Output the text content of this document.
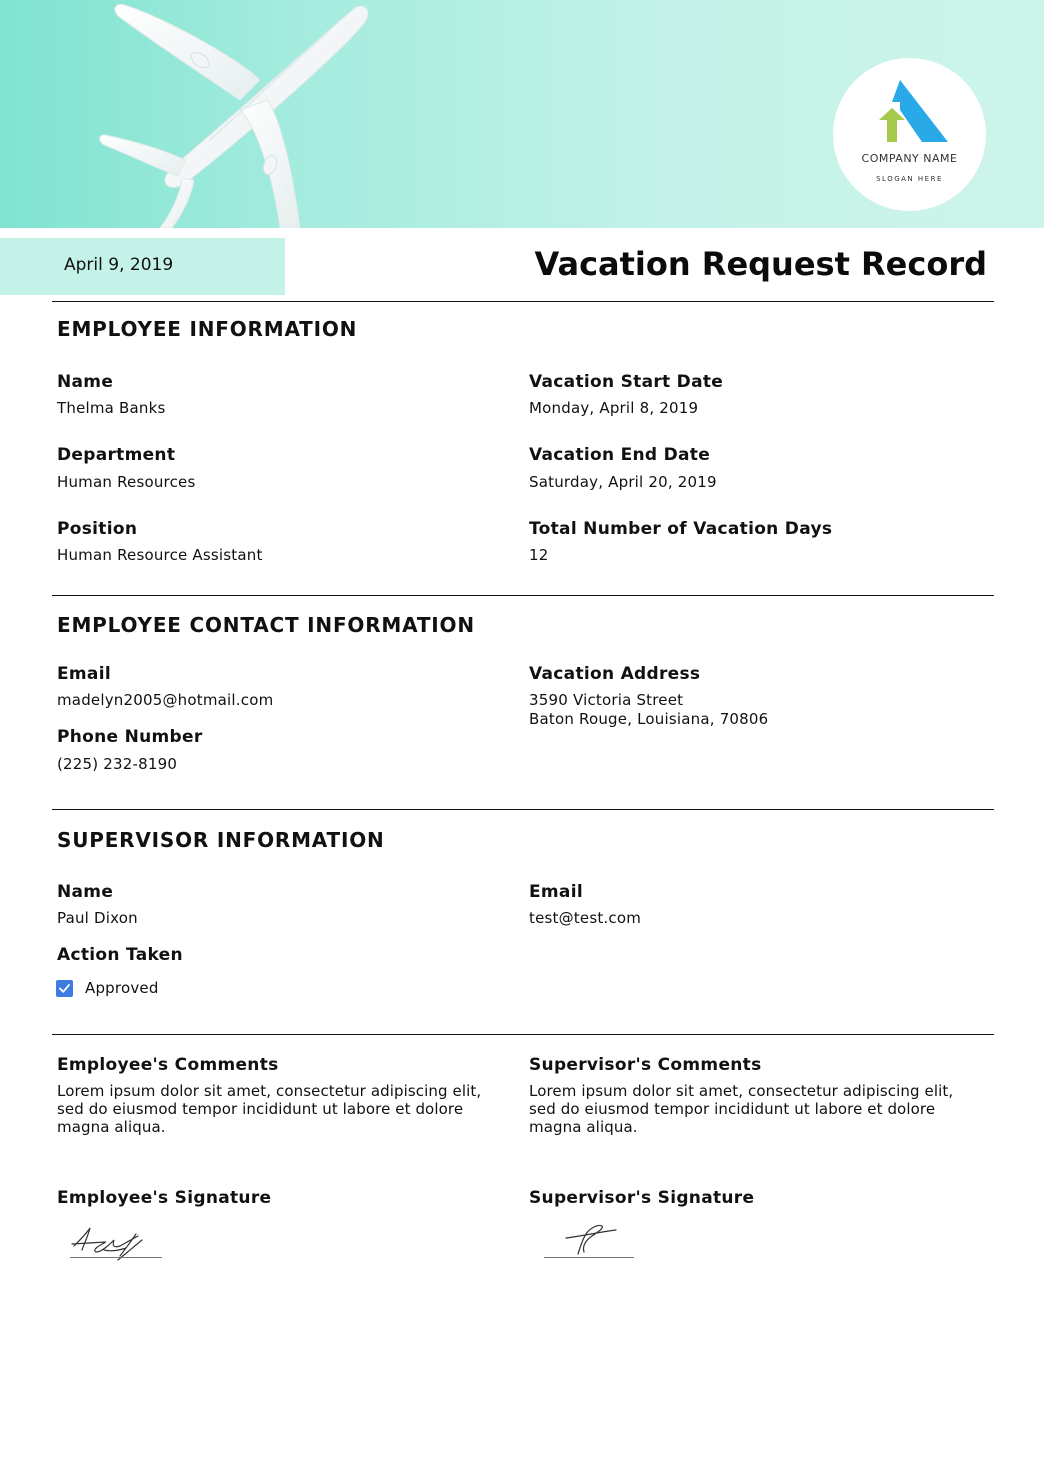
COMPANY NAME
SLOGAN HERE
April 9, 2019	Vacation Request Record
EMPLOYEE INFORMATION
Name
Thelma Banks
Department
Human Resources
Position
Human Resource Assistant
Vacation Start Date
Monday, April 8, 2019
Vacation End Date
Saturday, April 20, 2019
Total Number of Vacation Days
12
EMPLOYEE CONTACT INFORMATION
Email
madelyn2005@hotmail.com
Phone Number
(225) 232-8190
Vacation Address
3590 Victoria Street
Baton Rouge, Louisiana, 70806
SUPERVISOR INFORMATION
Name
Paul Dixon
Email
test@test.com
Action Taken
Approved
Employee's Comments
Lorem ipsum dolor sit amet, consectetur adipiscing elit,
sed do eiusmod tempor incididunt ut labore et dolore
magna aliqua.
Supervisor's Comments
Lorem ipsum dolor sit amet, consectetur adipiscing elit,
sed do eiusmod tempor incididunt ut labore et dolore
magna aliqua.
Employee's Signature	Supervisor's Signature
